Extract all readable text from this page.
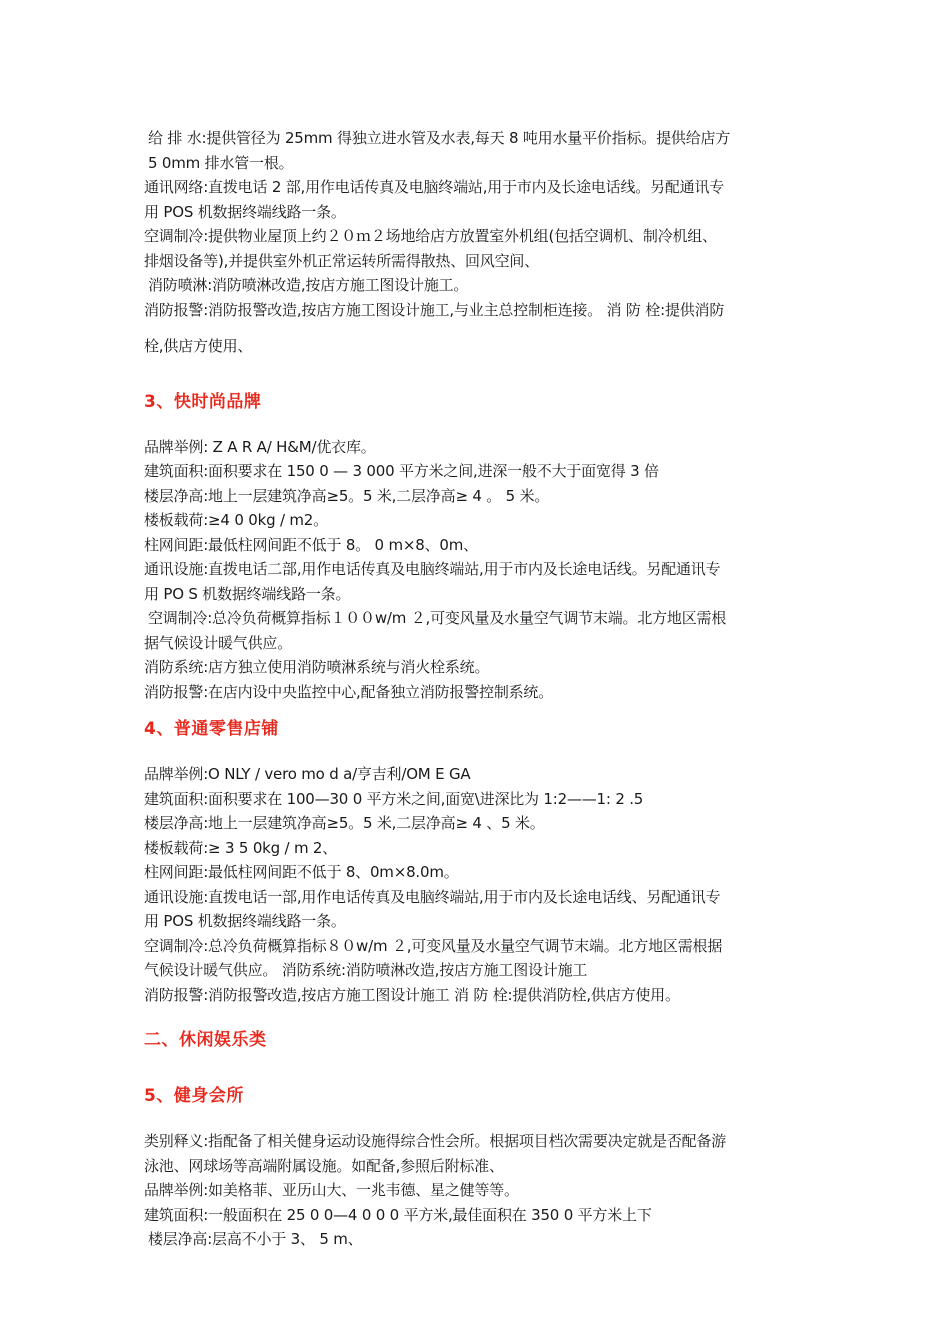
给 排 水:提供管径为 25mm 得独立进水管及水表,每天 8 吨用水量平价指标。提供给店方
5 0mm 排水管一根。
通讯网络:直拨电话 2 部,用作电话传真及电脑终端站,用于市内及长途电话线。另配通讯专
用 POS 机数据终端线路一条。
空调制冷:提供物业屋顶上约２０ｍ２场地给店方放置室外机组(包括空调机、制冷机组、
排烟设备等),并提供室外机正常运转所需得散热、回风空间、
消防喷淋:消防喷淋改造,按店方施工图设计施工。
消防报警:消防报警改造,按店方施工图设计施工,与业主总控制柜连接。 消 防 栓:提供消防
栓,供店方使用、
3、快时尚品牌
品牌举例: Z A R A/ H&M/优衣库。
建筑面积:面积要求在 150 0 — 3 000 平方米之间,进深一般不大于面宽得 3 倍
楼层净高:地上一层建筑净高≥5。5 米,二层净高≥ 4 。 5 米。
楼板载荷:≥4 0 0kg / m2。
柱网间距:最低柱网间距不低于 8。 0 m×8、0m、
通讯设施:直拨电话二部,用作电话传真及电脑终端站,用于市内及长途电话线。另配通讯专
用 PO S 机数据终端线路一条。
空调制冷:总冷负荷概算指标１００w/m ２,可变风量及水量空气调节末端。北方地区需根
据气候设计暖气供应。
消防系统:店方独立使用消防喷淋系统与消火栓系统。
消防报警:在店内设中央监控中心,配备独立消防报警控制系统。
4、普通零售店铺
品牌举例:O NLY / vero mo d a/亨吉利/OM E GA
建筑面积:面积要求在 100—30 0 平方米之间,面宽\进深比为 1:2——1: 2 .5
楼层净高:地上一层建筑净高≥5。5 米,二层净高≥ 4 、5 米。
楼板载荷:≥ 3 5 0kg / m 2、
柱网间距:最低柱网间距不低于 8、0m×8.0m。
通讯设施:直拨电话一部,用作电话传真及电脑终端站,用于市内及长途电话线、另配通讯专
用 POS 机数据终端线路一条。
空调制冷:总冷负荷概算指标８０w/m ２,可变风量及水量空气调节末端。北方地区需根据
气候设计暖气供应。 消防系统:消防喷淋改造,按店方施工图设计施工
消防报警:消防报警改造,按店方施工图设计施工 消 防 栓:提供消防栓,供店方使用。
二、休闲娱乐类
5、健身会所
类别释义:指配备了相关健身运动设施得综合性会所。根据项目档次需要决定就是否配备游
泳池、网球场等高端附属设施。如配备,参照后附标准、
品牌举例:如美格菲、亚历山大、一兆韦德、星之健等等。
建筑面积:一般面积在 25 0 0—4 0 0 0 平方米,最佳面积在 350 0 平方米上下
楼层净高:层高不小于 3、 5 m、
